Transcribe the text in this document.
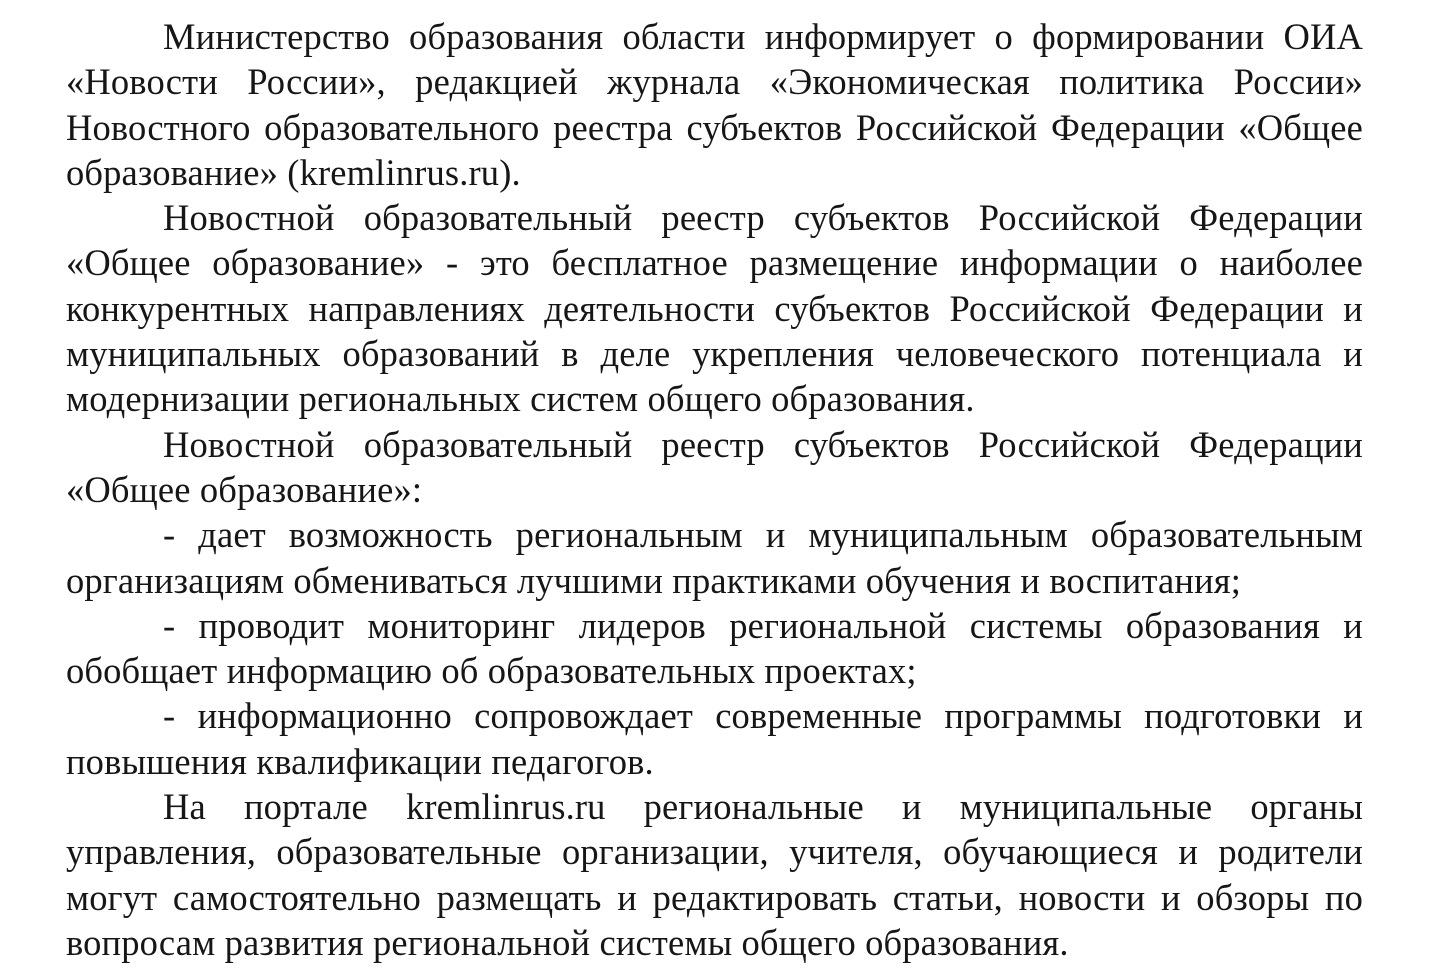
Министерство образования области информирует о формировании ОИА «Новости России», редакцией журнала «Экономическая политика России» Новостного образовательного реестра субъектов Российской Федерации «Общее образование» (kremlinrus.ru).

Новостной образовательный реестр субъектов Российской Федерации «Общее образование» - это бесплатное размещение информации о наиболее конкурентных направлениях деятельности субъектов Российской Федерации и муниципальных образований в деле укрепления человеческого потенциала и модернизации региональных систем общего образования.

Новостной образовательный реестр субъектов Российской Федерации «Общее образование»:

- дает возможность региональным и муниципальным образовательным организациям обмениваться лучшими практиками обучения и воспитания;

- проводит мониторинг лидеров региональной системы образования и обобщает информацию об образовательных проектах;

- информационно сопровождает современные программы подготовки и повышения квалификации педагогов.

На портале kremlinrus.ru региональные и муниципальные органы управления, образовательные организации, учителя, обучающиеся и родители могут самостоятельно размещать и редактировать статьи, новости и обзоры по вопросам развития региональной системы общего образования.
